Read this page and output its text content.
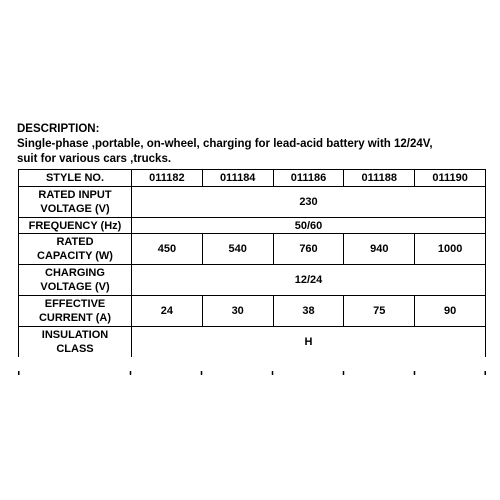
DESCRIPTION:
Single-phase ,portable, on-wheel, charging for lead-acid battery with 12/24V,
suit for various cars ,trucks.
STYLE NO.	011182	011184	011186	011188	011190

RATED INPUT
VOLTAGE (V)	230				
FREQUENCY (Hz)	50/60				

RATED
CAPACITY (W)	450	540	760	940	1000

CHARGING
VOLTAGE (V)	12/24				

EFFECTIVE
CURRENT (A)	24	30	38	75	90

INSULATION
CLASS	H				
